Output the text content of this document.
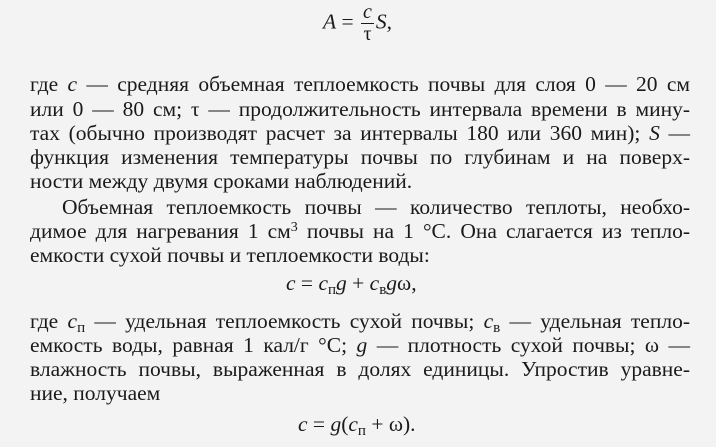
$A = \frac{c}{\tau} S$,
где c — средняя объемная теплоемкость почвы для слоя 0 — 20 см
или 0 — 80 см; τ — продолжительность интервала времени в мину-
тах (обычно производят расчет за интервалы 180 или 360 мин); S —
функция изменения температуры почвы по глубинам и на поверх-
ности между двумя сроками наблюдений.
Объемная теплоемкость почвы — количество теплоты, необхо-
димое для нагревания 1 $см^3$ почвы на 1 °С. Она слагается из тепло-
емкости сухой почвы и теплоемкости воды:
$c = c_пg + c_вg\omega$,
где $c_п$ — удельная теплоемкость сухой почвы; $c_в$ — удельная тепло-
емкость воды, равная 1 кал/г °С; g — плотность сухой почвы; ω —
влажность почвы, выраженная в долях единицы. Упростив уравне-
ние, получаем
$c = g(c_п + \omega)$.
